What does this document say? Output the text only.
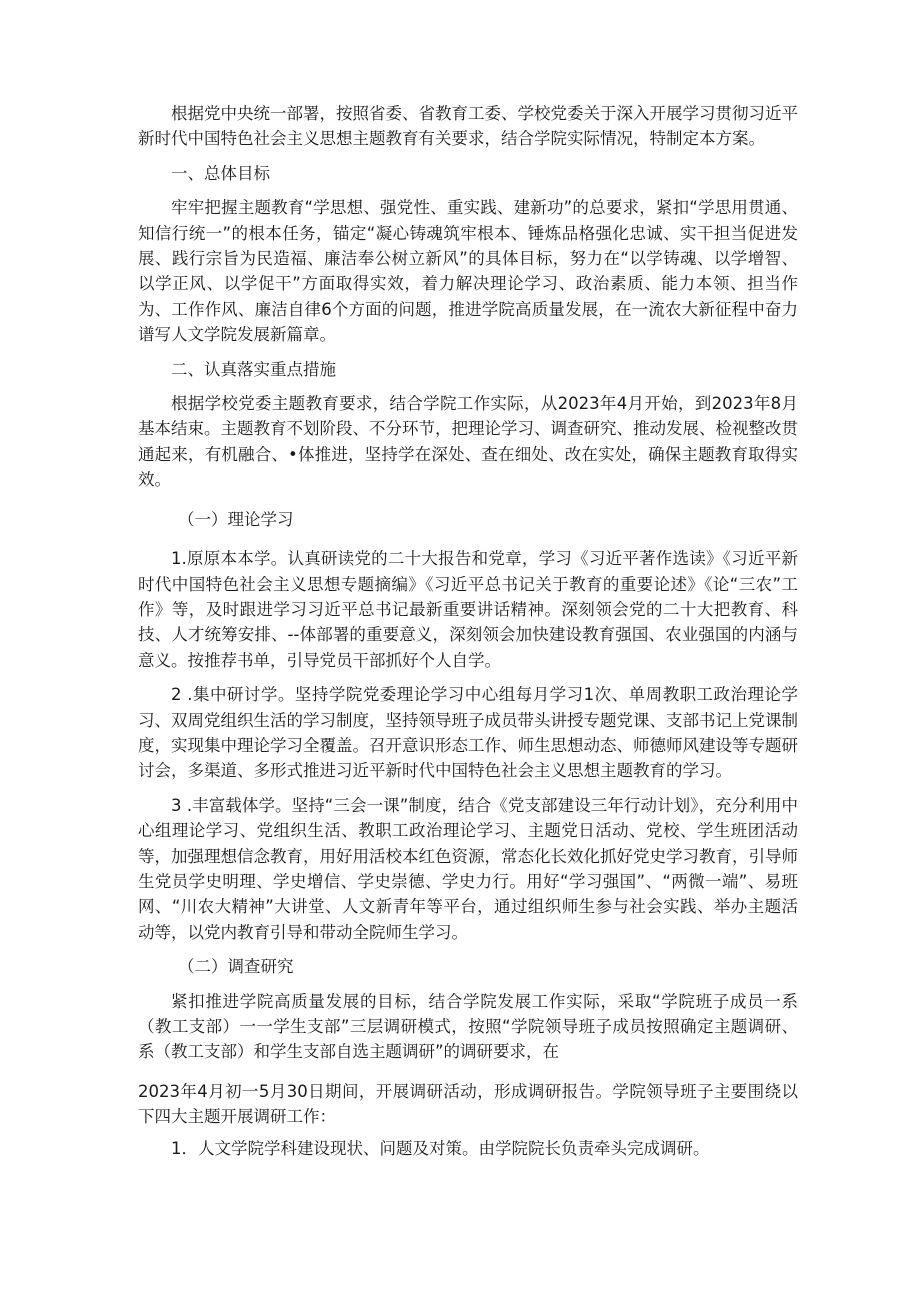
根据党中央统一部署，按照省委、省教育工委、学校党委关于深入开展学习贯彻习近平新时代中国特色社会主义思想主题教育有关要求，结合学院实际情况，特制定本方案。

一、总体目标

牢牢把握主题教育“学思想、强党性、重实践、建新功”的总要求，紧扣“学思用贯通、知信行统一”的根本任务，锚定“凝心铸魂筑牢根本、锤炼品格强化忠诚、实干担当促进发展、践行宗旨为民造福、廉洁奉公树立新风”的具体目标，努力在“以学铸魂、以学增智、以学正风、以学促干”方面取得实效，着力解决理论学习、政治素质、能力本领、担当作为、工作作风、廉洁自律6个方面的问题，推进学院高质量发展，在一流农大新征程中奋力谱写人文学院发展新篇章。

二、认真落实重点措施

根据学校党委主题教育要求，结合学院工作实际，从2023年4月开始，到2023年8月基本结束。主题教育不划阶段、不分环节，把理论学习、调查研究、推动发展、检视整改贯通起来，有机融合、•体推进，坚持学在深处、查在细处、改在实处，确保主题教育取得实效。

（一）理论学习

1.原原本本学。认真研读党的二十大报告和党章，学习《习近平著作选读》《习近平新时代中国特色社会主义思想专题摘编》《习近平总书记关于教育的重要论述》《论“三农”工作》等，及时跟进学习习近平总书记最新重要讲话精神。深刻领会党的二十大把教育、科技、人才统筹安排、--体部署的重要意义，深刻领会加快建设教育强国、农业强国的内涵与意义。按推荐书单，引导党员干部抓好个人自学。

2 .集中研讨学。坚持学院党委理论学习中心组每月学习1次、单周教职工政治理论学习、双周党组织生活的学习制度，坚持领导班子成员带头讲授专题党课、支部书记上党课制度，实现集中理论学习全覆盖。召开意识形态工作、师生思想动态、师德师风建设等专题研讨会，多渠道、多形式推进习近平新时代中国特色社会主义思想主题教育的学习。

3 .丰富载体学。坚持“三会一课”制度，结合《党支部建设三年行动计划》，充分利用中心组理论学习、党组织生活、教职工政治理论学习、主题党日活动、党校、学生班团活动等，加强理想信念教育，用好用活校本红色资源，常态化长效化抓好党史学习教育，引导师生党员学史明理、学史增信、学史崇德、学史力行。用好“学习强国”、“两微一端”、易班网、“川农大精神”大讲堂、人文新青年等平台，通过组织师生参与社会实践、举办主题活动等，以党内教育引导和带动全院师生学习。

（二）调查研究

紧扣推进学院高质量发展的目标，结合学院发展工作实际，采取“学院班子成员一系（教工支部）一一学生支部”三层调研模式，按照“学院领导班子成员按照确定主题调研、系（教工支部）和学生支部自选主题调研”的调研要求，在

2023年4月初一5月30日期间，开展调研活动，形成调研报告。学院领导班子主要围绕以下四大主题开展调研工作：

1．人文学院学科建设现状、问题及对策。由学院院长负责牵头完成调研。
